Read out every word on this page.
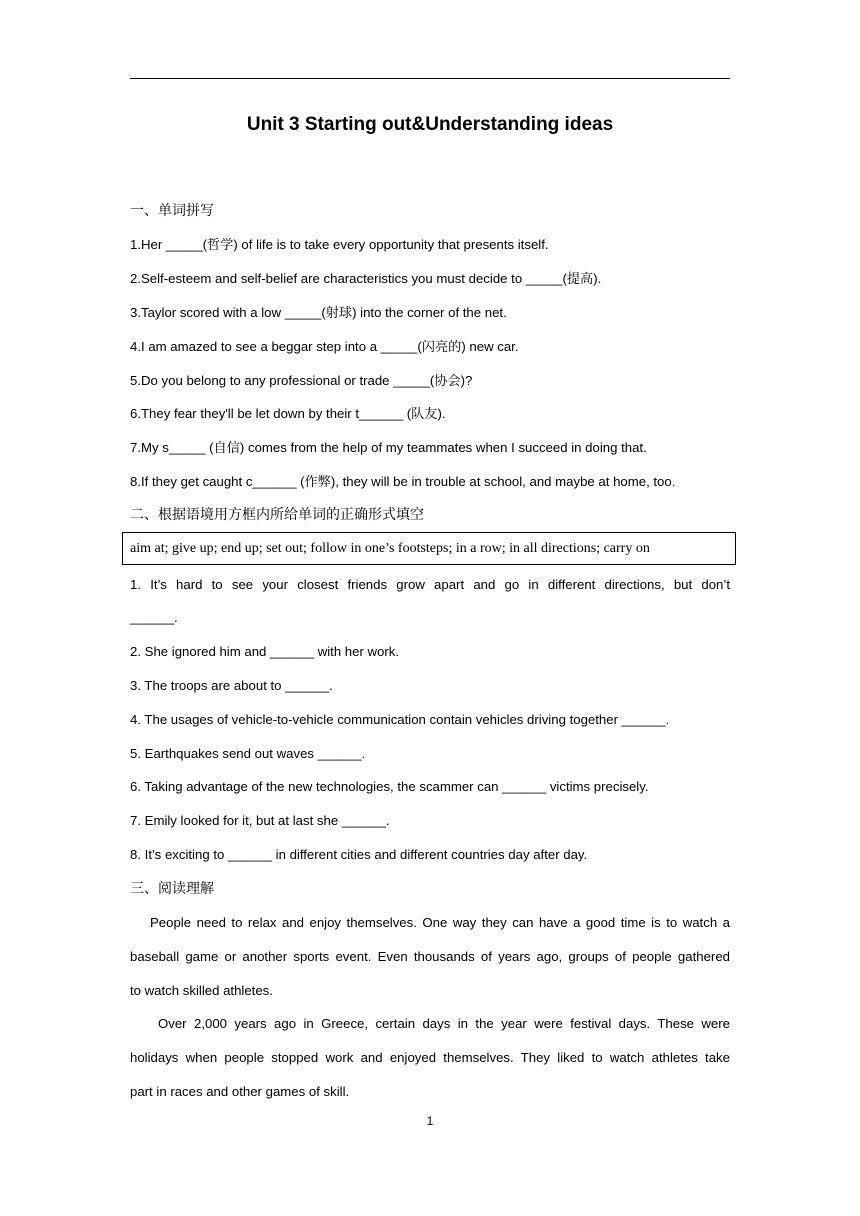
Unit 3 Starting out&Understanding ideas
一、单词拼写
1.Her _____(哲学) of life is to take every opportunity that presents itself.
2.Self-esteem and self-belief are characteristics you must decide to _____(提高).
3.Taylor scored with a low _____(射球) into the corner of the net.
4.I am amazed to see a beggar step into a _____(闪亮的) new car.
5.Do you belong to any professional or trade _____(协会)?
6.They fear they'll be let down by their t______ (队友).
7.My s_____ (自信) comes from the help of my teammates when I succeed in doing that.
8.If they get caught c______ (作弊), they will be in trouble at school, and maybe at home, too.
二、根据语境用方框内所给单词的正确形式填空
aim at; give up; end up; set out; follow in one’s footsteps; in a row; in all directions; carry on
1. It’s hard to see your closest friends grow apart and go in different directions, but don’t
______.
2. She ignored him and ______ with her work.
3. The troops are about to ______.
4. The usages of vehicle-to-vehicle communication contain vehicles driving together ______.
5. Earthquakes send out waves ______.
6. Taking advantage of the new technologies, the scammer can ______ victims precisely.
7. Emily looked for it, but at last she ______.
8. It’s exciting to ______ in different cities and different countries day after day.
三、阅读理解
People need to relax and enjoy themselves. One way they can have a good time is to watch a
baseball game or another sports event. Even thousands of years ago, groups of people gathered
to watch skilled athletes.
Over 2,000 years ago in Greece, certain days in the year were festival days. These were
holidays when people stopped work and enjoyed themselves. They liked to watch athletes take
part in races and other games of skill.
1
